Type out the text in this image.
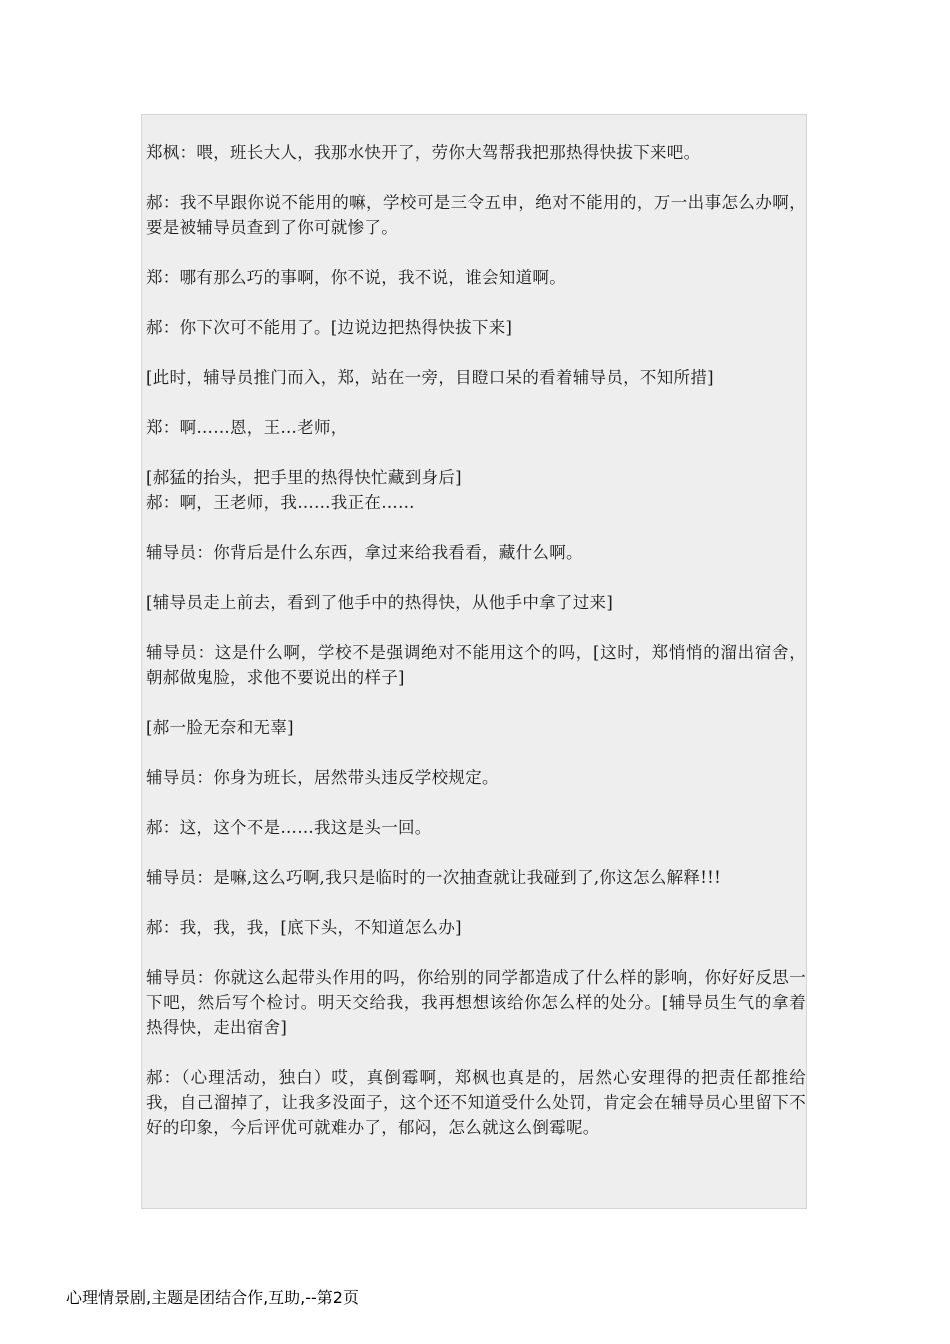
郑枫：喂，班长大人，我那水快开了，劳你大驾帮我把那热得快拔下来吧。

郝：我不早跟你说不能用的嘛，学校可是三令五申，绝对不能用的，万一出事怎么办啊，要是被辅导员查到了你可就惨了。

郑：哪有那么巧的事啊，你不说，我不说，谁会知道啊。

郝：你下次可不能用了。[边说边把热得快拔下来]

[此时，辅导员推门而入，郑，站在一旁，目瞪口呆的看着辅导员，不知所措]

郑：啊……恩，王…老师，

[郝猛的抬头，把手里的热得快忙藏到身后]

郝：啊，王老师，我……我正在……

辅导员：你背后是什么东西，拿过来给我看看，藏什么啊。

[辅导员走上前去，看到了他手中的热得快，从他手中拿了过来]

辅导员：这是什么啊，学校不是强调绝对不能用这个的吗，[这时，郑悄悄的溜出宿舍，朝郝做鬼脸，求他不要说出的样子]

[郝一脸无奈和无辜]

辅导员：你身为班长，居然带头违反学校规定。

郝：这，这个不是……我这是头一回。

辅导员：是嘛,这么巧啊,我只是临时的一次抽查就让我碰到了,你这怎么解释!!!

郝：我，我，我，[底下头，不知道怎么办]

辅导员：你就这么起带头作用的吗，你给别的同学都造成了什么样的影响，你好好反思一下吧，然后写个检讨。明天交给我，我再想想该给你怎么样的处分。[辅导员生气的拿着热得快，走出宿舍]

郝：（心理活动，独白）哎，真倒霉啊，郑枫也真是的，居然心安理得的把责任都推给我，自己溜掉了，让我多没面子，这个还不知道受什么处罚，肯定会在辅导员心里留下不好的印象，今后评优可就难办了，郁闷，怎么就这么倒霉呢。

心理情景剧,主题是团结合作,互助,--第2页
